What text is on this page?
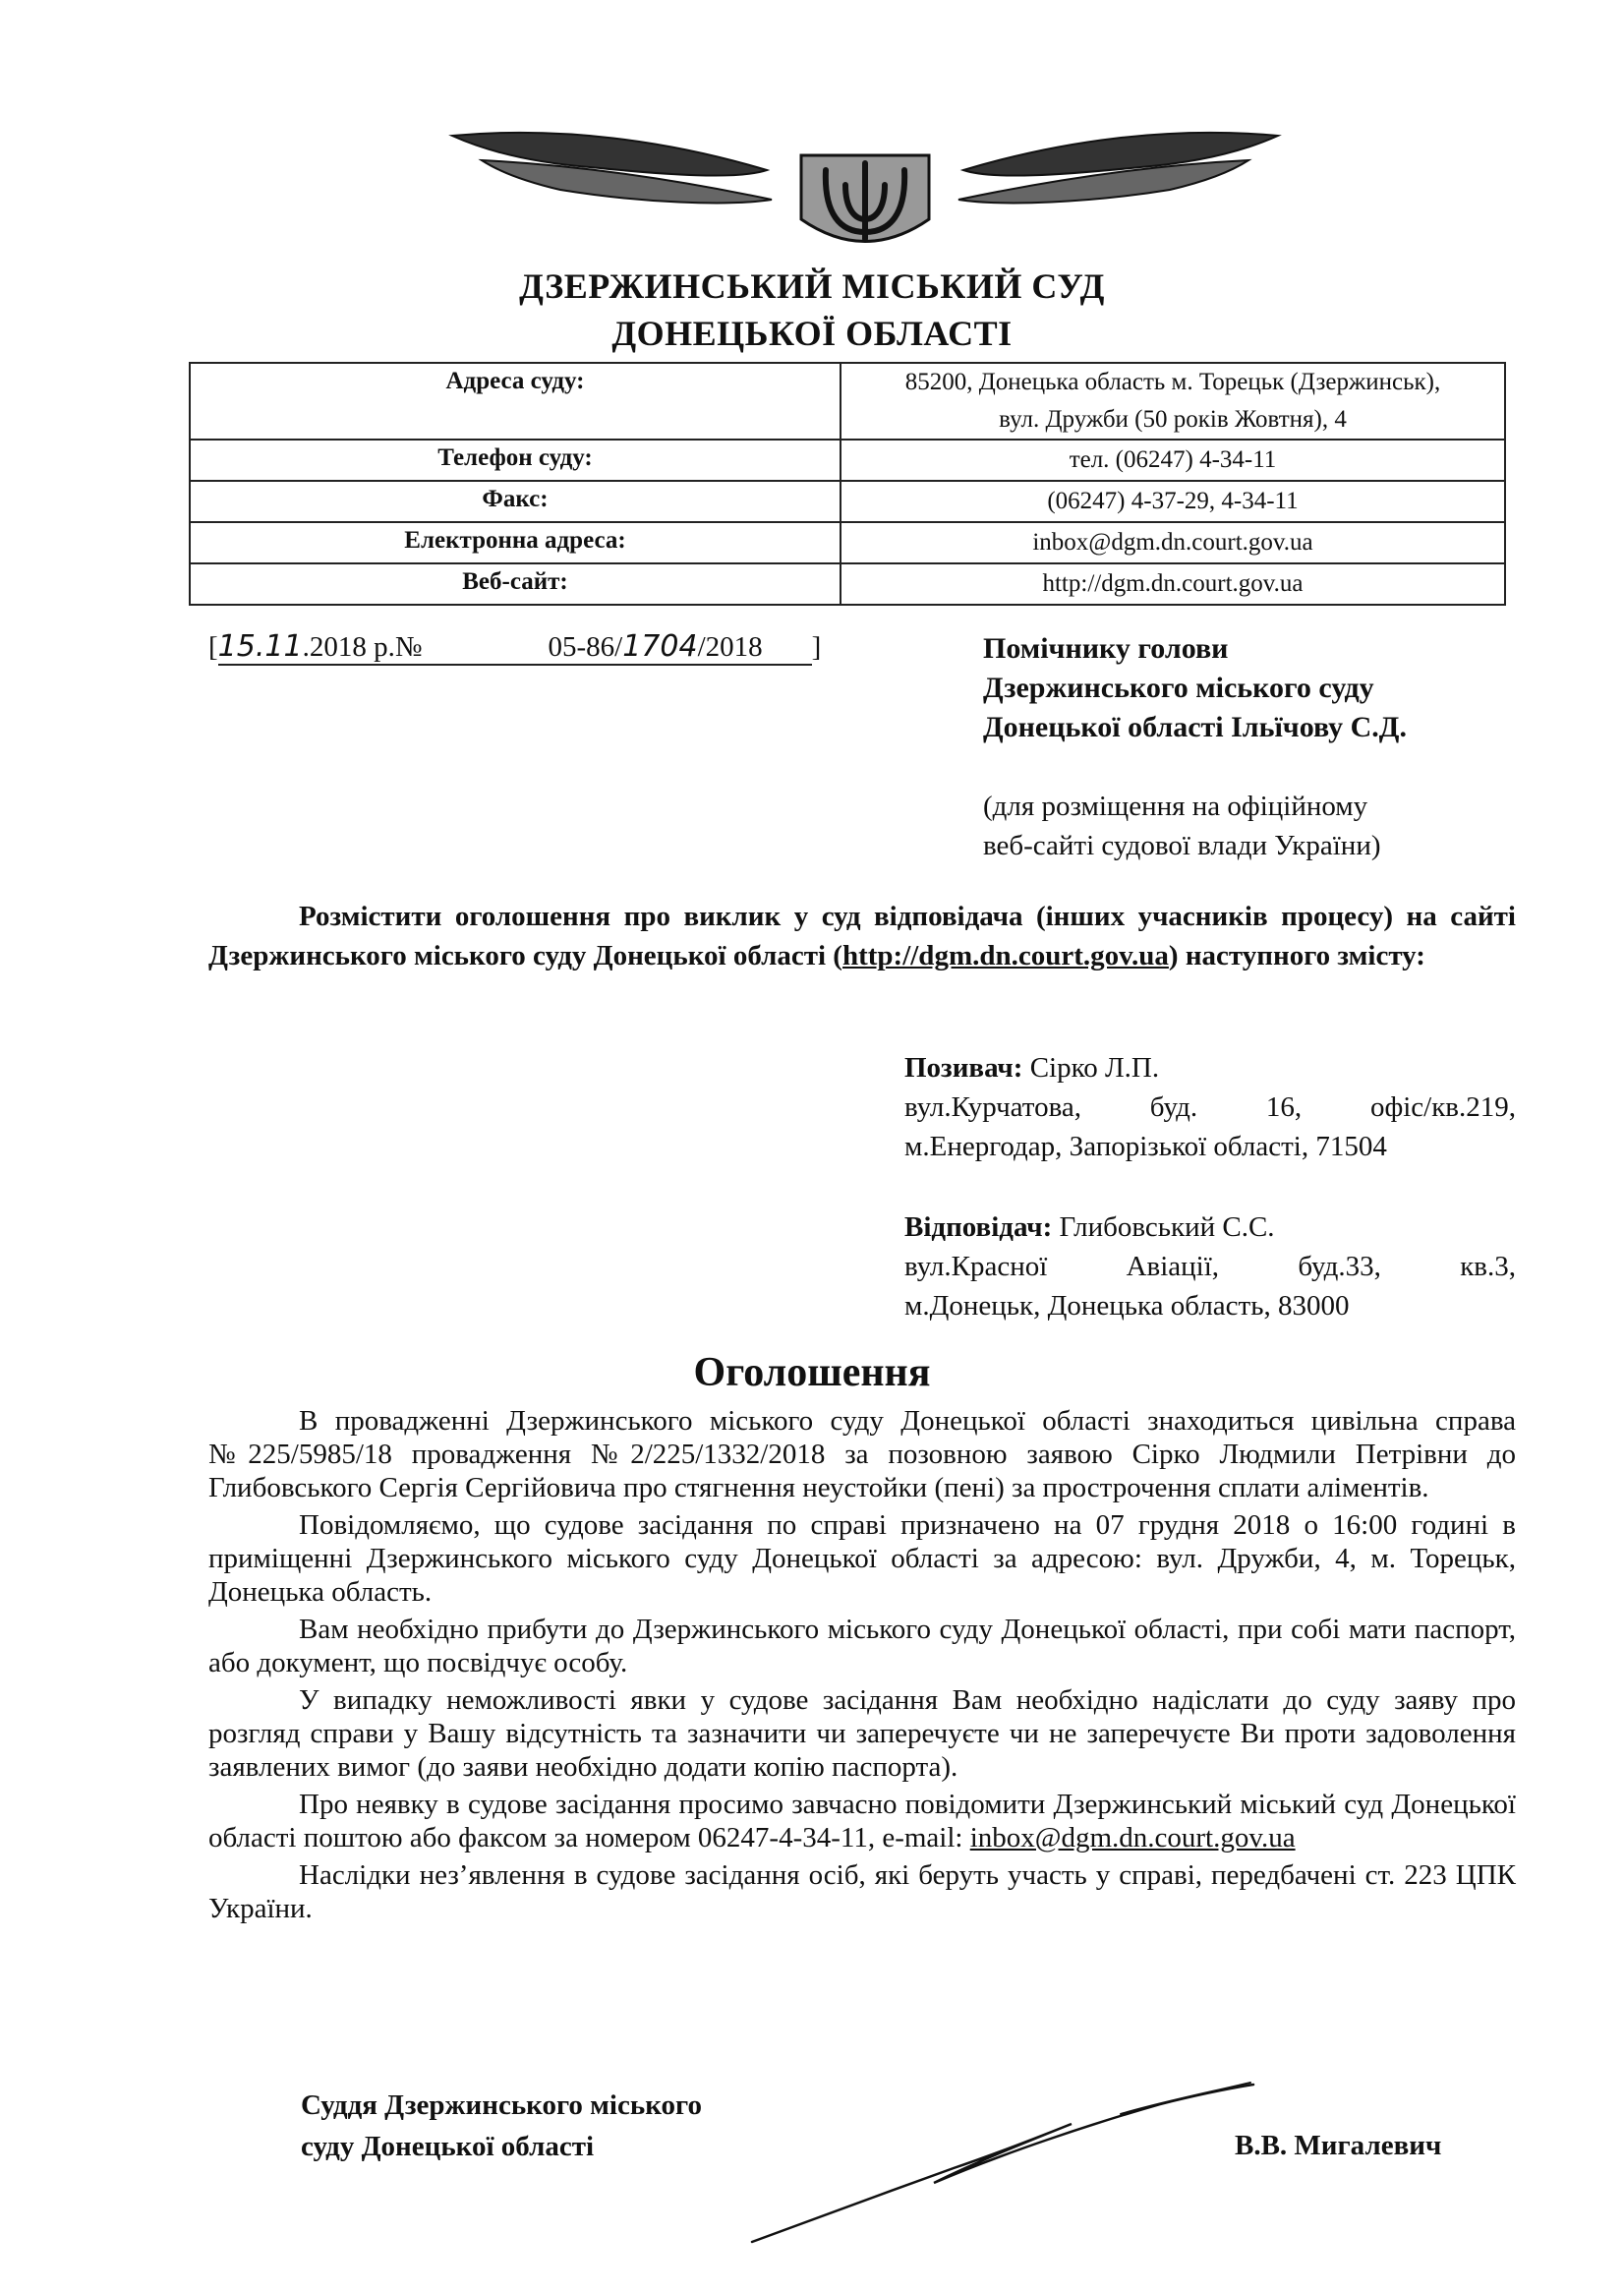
ДЗЕРЖИНСЬКИЙ МІСЬКИЙ СУД
ДОНЕЦЬКОЇ ОБЛАСТІ
Адреса суду:	85200, Донецька область м. Торецьк (Дзержинськ),
вул. Дружби (50 років Жовтня), 4

Телефон суду:	тел. (06247) 4-34-11
Факс:	(06247) 4-37-29, 4-34-11
Електронна адреса:	inbox@dgm.dn.court.gov.ua
Веб-сайт:	http://dgm.dn.court.gov.ua
[15.11.2018 р.№	05-86/1704/2018 ]	Помічнику голови
Дзержинського міського суду
Донецької області Ільїчову С.Д.
(для розміщення на офіційному
веб-сайті судової влади України)
Розмістити оголошення про виклик у суд відповідача (інших учасників процесу) на сайті Дзержинського міського суду Донецької області (http://dgm.dn.court.gov.ua) наступного змісту:
Позивач: Сірко Л.П.
вул.Курчатова, буд. 16, офіс/кв.219,
м.Енергодар, Запорізької області, 71504
Відповідач: Глибовський С.С.
вул.Красної Авіації, буд.33, кв.3,
м.Донецьк, Донецька область, 83000
Оголошення

В провадженні Дзержинського міського суду Донецької області знаходиться цивільна справа №225/5985/18 провадження №2/225/1332/2018 за позовною заявою Сірко Людмили Петрівни до Глибовського Сергія Сергійовича про стягнення неустойки (пені) за прострочення сплати аліментів.

Повідомляємо, що судове засідання по справі призначено на 07 грудня 2018 о 16:00 годині в приміщенні Дзержинського міського суду Донецької області за адресою: вул. Дружби, 4, м. Торецьк, Донецька область.

Вам необхідно прибути до Дзержинського міського суду Донецької області, при собі мати паспорт, або документ, що посвідчує особу.

У випадку неможливості явки у судове засідання Вам необхідно надіслати до суду заяву про розгляд справи у Вашу відсутність та зазначити чи заперечуєте чи не заперечуєте Ви проти задоволення заявлених вимог (до заяви необхідно додати копію паспорта).

Про неявку в судове засідання просимо завчасно повідомити Дзержинський міський суд Донецької області поштою або факсом за номером 06247-4-34-11, e-mail: inbox@dgm.dn.court.gov.ua

Наслідки нез’явлення в судове засідання осіб, які беруть участь у справі, передбачені ст. 223 ЦПК України.

Суддя Дзержинського міського
суду Донецької області	В.В. Мигалевич
